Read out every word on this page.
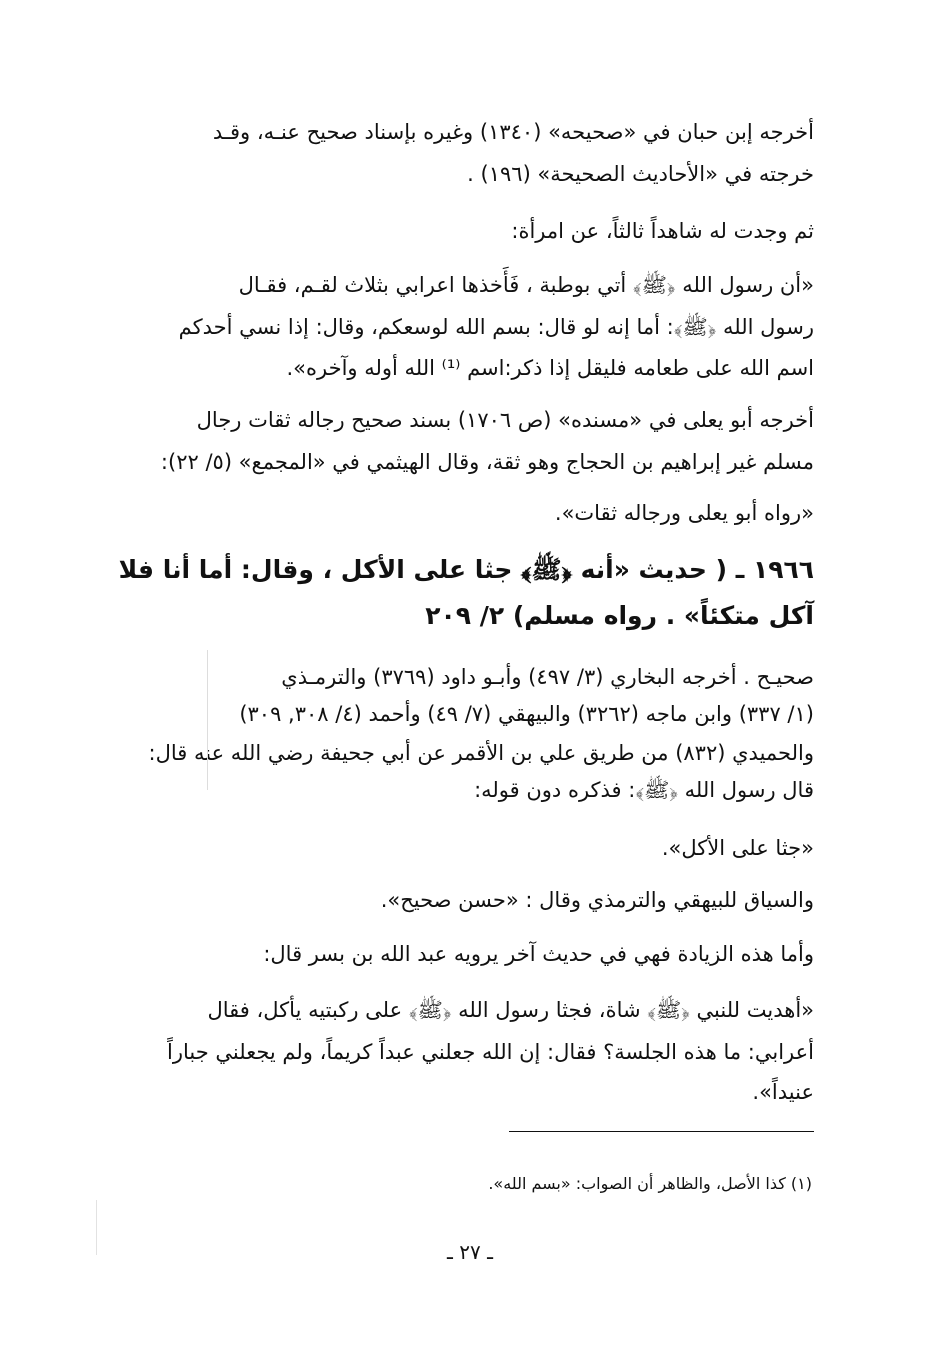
أخرجه إبن حبان في «صحيحه» (١٣٤٠) وغيره بإسناد صحيح عنـه، وقـد
خرجته في «الأحاديث الصحيحة» (١٩٦) .
ثم وجدت له شاهداً ثالثاً، عن امرأة:
«أن رسول الله ﴿ﷺ﴾ أتي بوطبة ، فَأَخذها اعرابي بثلاث لقـم، فقـال
رسول الله ﴿ﷺ﴾: أما إنه لو قال: بسم الله لوسعكم، وقال: إذا نسي أحدكم
اسم الله على طعامه فليقل إذا ذكر:اسم ⁽¹⁾ الله أوله وآخره».
أخرجه أبو يعلى في «مسنده» (ص ١٧٠٦) بسند صحيح رجاله ثقات رجال
مسلم غير إبراهيم بن الحجاج وهو ثقة، وقال الهيثمي في «المجمع» (٥/ ٢٢):
«رواه أبو يعلى ورجاله ثقات».
١٩٦٦ ـ ( حديث «أنه ﴿ﷺ﴾ جثا على الأكل ، وقال: أما أنا فلا
آكل متكئاً» . رواه مسلم) ٢/ ٢٠٩
صحيـح . أخرجه البخاري (٣/ ٤٩٧) وأبـو داود (٣٧٦٩) والترمـذي
(١/ ٣٣٧) وابن ماجه (٣٢٦٢) والبيهقي (٧/ ٤٩) وأحمد (٤/ ٣٠٨, ٣٠٩)
والحميدي (٨٣٢) من طريق علي بن الأقمر عن أبي جحيفة رضي الله عنه قال:
قال رسول الله ﴿ﷺ﴾: فذكره دون قوله:
«جثا على الأكل».
والسياق للبيهقي والترمذي وقال : «حسن صحيح».
وأما هذه الزيادة فهي في حديث آخر يرويه عبد الله بن بسر قال:
«أهديت للنبي ﴿ﷺ﴾ شاة، فجثا رسول الله ﴿ﷺ﴾ على ركبتيه يأكل، فقال
أعرابي: ما هذه الجلسة؟ فقال: إن الله جعلني عبداً كريماً، ولم يجعلني جباراً
عنيداً».
(١) كذا الأصل، والظاهر أن الصواب: «بسم الله».
ـ ٢٧ ـ
